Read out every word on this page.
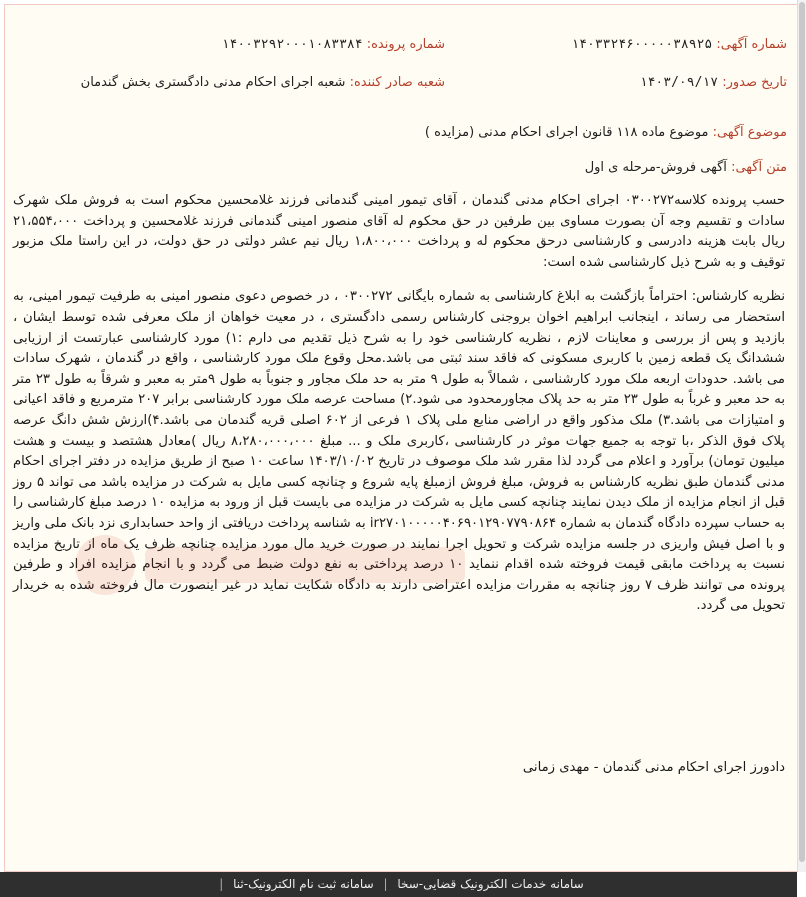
شماره آگهی: ۱۴۰۳۳۲۴۶۰۰۰۰۰۳۸۹۲۵
شماره پرونده: ۱۴۰۰۳۲۹۲۰۰۰۱۰۸۳۳۸۴
تاریخ صدور: ۱۴۰۳/۰۹/۱۷
شعبه صادر کننده: شعبه اجرای احکام مدنی دادگستری بخش گندمان
موضوع آگهی: موضوع ماده ۱۱۸ قانون اجرای احکام مدنی (مزایده )
متن آگهی: آگهی فروش-مرحله ی اول

حسب پرونده کلاسه۰۳۰۰۲۷۲ اجرای احکام مدنی گندمان ، آقای تیمور امینی گندمانی فرزند غلامحسین محکوم است به فروش ملک شهرک سادات و تقسیم وجه آن بصورت مساوی بین طرفین در حق محکوم له آقای منصور امینی گندمانی فرزند غلامحسین و پرداخت ۲۱،۵۵۴،۰۰۰ ریال بابت هزینه دادرسی و کارشناسی درحق محکوم له و پرداخت ۱،۸۰۰،۰۰۰ ریال نیم عشر دولتی در حق دولت، در این راستا ملک مزبور توقیف و به شرح ذیل کارشناسی شده است:

نظریه کارشناس: احتراماً بازگشت به ابلاغ کارشناسی به شماره بایگانی ۰۳۰۰۲۷۲ ، در خصوص دعوی منصور امینی به طرفیت تیمور امینی، به استحضار می رساند ، اینجانب ابراهیم اخوان بروجنی کارشناس رسمی دادگستری ، در معیت خواهان از ملک معرفی شده توسط ایشان ، بازدید و پس از بررسی و معاینات لازم ، نظریه کارشناسی خود را به شرح ذیل تقدیم می دارم :۱) مورد کارشناسی عبارتست از ارزیابی ششدانگ یک قطعه زمین با کاربری مسکونی که فاقد سند ثبتی می باشد.محل وقوع ملک مورد کارشناسی ، واقع در گندمان ، شهرک سادات می باشد. حدودات اربعه ملک مورد کارشناسی ، شمالاً به طول ۹ متر به حد ملک مجاور و جنوباً به طول ۹متر به معبر و شرقاً به طول ۲۳ متر به حد معبر و غرباً به طول ۲۳ متر به حد پلاک مجاورمحدود می شود.۲) مساحت عرصه ملک مورد کارشناسی برابر ۲۰۷ مترمربع و فاقد اعیانی و امتیازات می باشد.۳) ملک مذکور واقع در اراضی منابع ملی پلاک ۱ فرعی از ۶۰۲ اصلی قریه گندمان می باشد.۴)ارزش شش دانگ عرصه پلاک فوق الذکر ،با توجه به جمیع جهات موثر در کارشناسی ،کاربری ملک و ... مبلغ ۸،۲۸۰،۰۰۰،۰۰۰ ریال )معادل هشتصد و بیست و هشت میلیون تومان) برآورد و اعلام می گردد لذا مقرر شد ملک موصوف در تاریخ ۱۴۰۳/۱۰/۰۲ ساعت ۱۰ صبح از طریق مزایده در دفتر اجرای احکام مدنی گندمان طبق نظریه کارشناس به فروش، مبلغ فروش ازمبلغ پایه شروع و چنانچه کسی مایل به شرکت در مزایده باشد می تواند ۵ روز قبل از انجام مزایده از ملک دیدن نمایند چنانچه کسی مایل به شرکت در مزایده می بایست قبل از ورود به مزایده ۱۰ درصد مبلغ کارشناسی را به حساب سپرده دادگاه گندمان به شماره ir۲۷۰۱۰۰۰۰۰۴۰۶۹۰۱۲۹۰۷۷۹۰۸۶۴ به شناسه پرداخت دریافتی از واحد حسابداری نزد بانک ملی واریز و با اصل فیش واریزی در جلسه مزایده شرکت و تحویل اجرا نمایند در صورت خرید مال مورد مزایده چنانچه ظرف یک ماه از تاریخ مزایده نسبت به پرداخت مابقی قیمت فروخته شده اقدام ننماید ۱۰ درصد پرداختی به نفع دولت ضبط می گردد و با انجام مزایده افراد و طرفین پرونده می توانند ظرف ۷ روز چنانچه به مقررات مزایده اعتراضی دارند به دادگاه شکایت نماید در غیر اینصورت مال فروخته شده به خریدار تحویل می گردد.

دادورز اجرای احکام مدنی گندمان - مهدی زمانی
سامانه خدمات الکترونیک قضایی-سخا | سامانه ثبت نام الکترونیک-ثنا |
